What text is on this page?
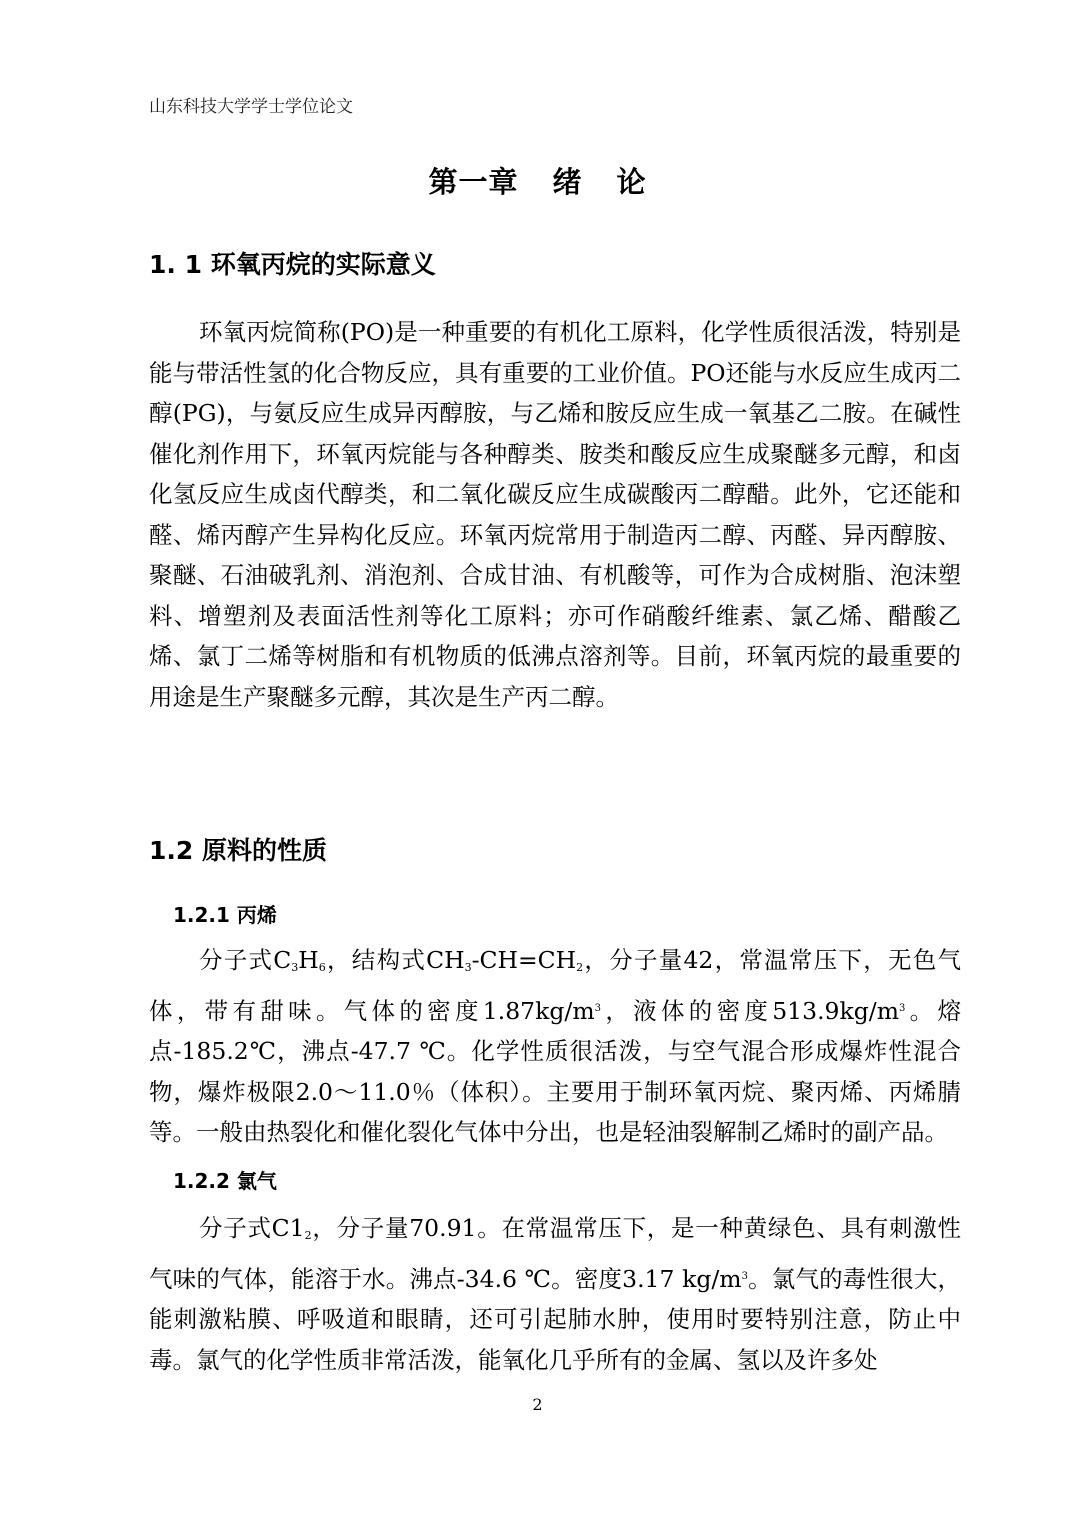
山东科技大学学士学位论文
第一章 绪 论
1. 1 环氧丙烷的实际意义
环氧丙烷简称(PO)是一种重要的有机化工原料，化学性质很活泼，特别是能与带活性氢的化合物反应，具有重要的工业价值。PO还能与水反应生成丙二醇(PG)，与氨反应生成异丙醇胺，与乙烯和胺反应生成一氧基乙二胺。在碱性催化剂作用下，环氧丙烷能与各种醇类、胺类和酸反应生成聚醚多元醇，和卤化氢反应生成卤代醇类，和二氧化碳反应生成碳酸丙二醇醋。此外，它还能和醛、烯丙醇产生异构化反应。环氧丙烷常用于制造丙二醇、丙醛、异丙醇胺、聚醚、石油破乳剂、消泡剂、合成甘油、有机酸等，可作为合成树脂、泡沫塑料、增塑剂及表面活性剂等化工原料；亦可作硝酸纤维素、氯乙烯、醋酸乙烯、氯丁二烯等树脂和有机物质的低沸点溶剂等。目前，环氧丙烷的最重要的用途是生产聚醚多元醇，其次是生产丙二醇。
1.2 原料的性质
1.2.1 丙烯
分子式$C_3H_6$，结构式$CH_3-CH=CH_2$，分子量42，常温常压下，无色气体，带有甜味。气体的密度$1.87kg/m^3$，液体的密度$513.9kg/m^3$。熔点-185.2℃，沸点-47.7 ℃。化学性质很活泼，与空气混合形成爆炸性混合物，爆炸极限2.0～11.0％（体积）。主要用于制环氧丙烷、聚丙烯、丙烯腈等。一般由热裂化和催化裂化气体中分出，也是轻油裂解制乙烯时的副产品。
1.2.2 氯气
分子式$C1_2$，分子量70.91。在常温常压下，是一种黄绿色、具有刺激性气味的气体，能溶于水。沸点-34.6 ℃。密度3.17 $kg/m^3$。氯气的毒性很大，能刺激粘膜、呼吸道和眼睛，还可引起肺水肿，使用时要特别注意，防止中毒。氯气的化学性质非常活泼，能氧化几乎所有的金属、氢以及许多处
2
